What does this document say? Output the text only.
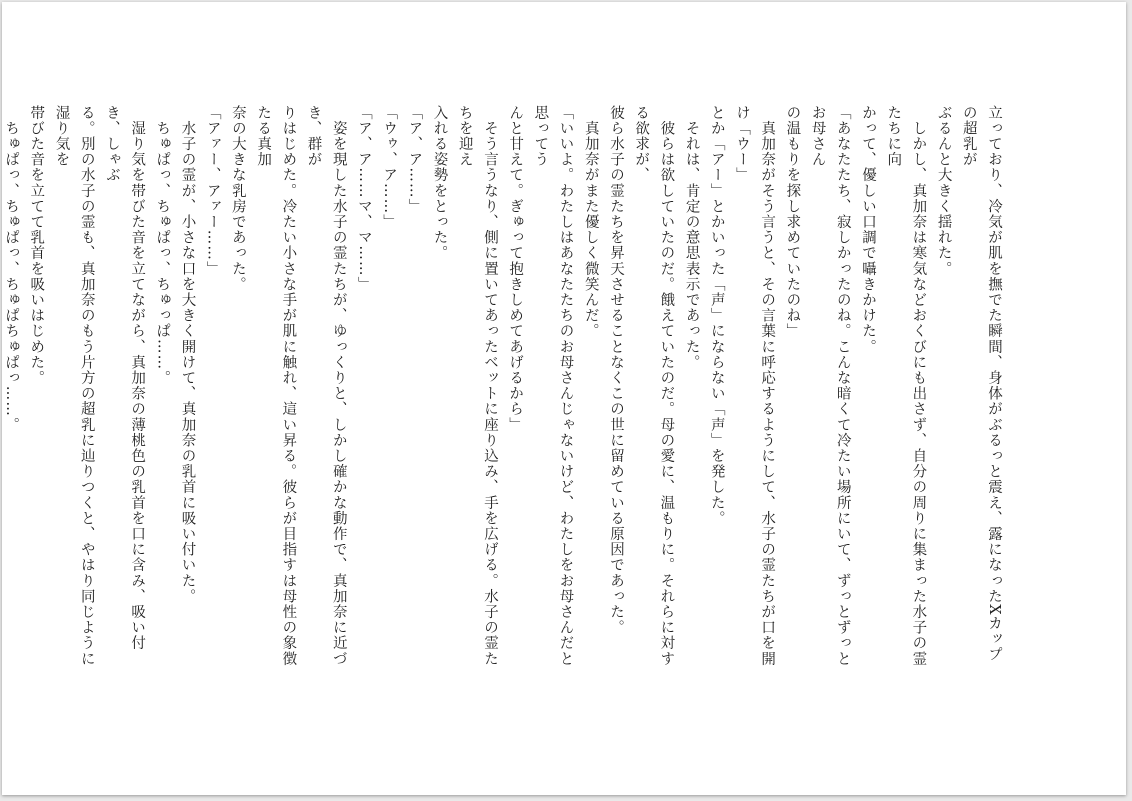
立っており、冷気が肌を撫でた瞬間、身体がぶるっと震え、露になったXカップの超乳が

ぶるんと大きく揺れた。

　しかし、真加奈は寒気などおくびにも出さず、自分の周りに集まった水子の霊たちに向

かって、優しい口調で囁きかけた。

「あなたたち、寂しかったのね。こんな暗くて冷たい場所にいて、ずっとずっとお母さん

の温もりを探し求めていたのね」

　真加奈がそう言うと、その言葉に呼応するようにして、水子の霊たちが口を開け「ウー」

とか「アー」とかいった「声」にならない「声」を発した。

　それは、肯定の意思表示であった。

　彼らは欲していたのだ。餓えていたのだ。母の愛に、温もりに。それらに対する欲求が、

彼ら水子の霊たちを昇天させることなくこの世に留めている原因であった。

　真加奈がまた優しく微笑んだ。

「いいよ。わたしはあなたたちのお母さんじゃないけど、わたしをお母さんだと思ってう

んと甘えて。ぎゅって抱きしめてあげるから」

　そう言うなり、側に置いてあったベットに座り込み、手を広げる。水子の霊たちを迎え

入れる姿勢をとった。

「ア、ア……」

「ウゥ、ア……」

「ア、ア……マ、マ……」

　姿を現した水子の霊たちが、ゆっくりと、しかし確かな動作で、真加奈に近づき、群が

りはじめた。冷たい小さな手が肌に触れ、這い昇る。彼らが目指すは母性の象徴たる真加

奈の大きな乳房であった。

「アァー、アァー……」

　水子の霊が、小さな口を大きく開けて、真加奈の乳首に吸い付いた。

　ちゅぱっ、ちゅぱっ、ちゅっぱ……。

　湿り気を帯びた音を立てながら、真加奈の薄桃色の乳首を口に含み、吸い付き、しゃぶ

る。別の水子の霊も、真加奈のもう片方の超乳に辿りつくと、やはり同じように湿り気を

帯びた音を立てて乳首を吸いはじめた。

　ちゅぱっ、ちゅぱっ、ちゅぱちゅぱっ……。
